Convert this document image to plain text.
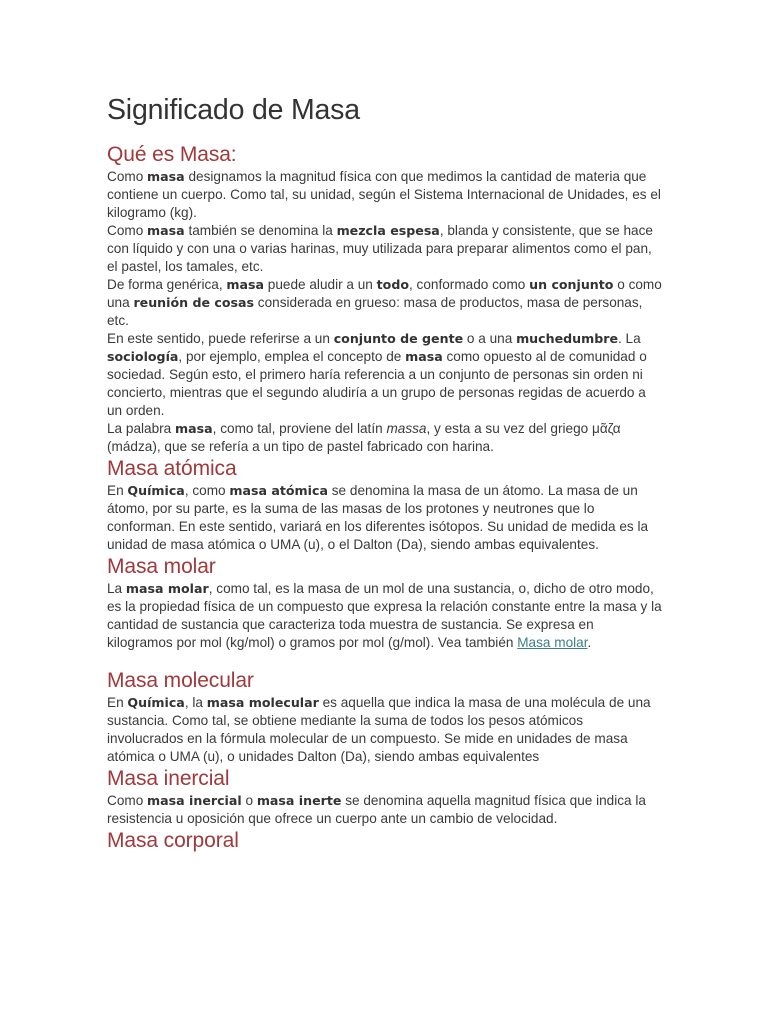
Significado de Masa
Qué es Masa:

Como masa designamos la magnitud física con que medimos la cantidad de materia que contiene un cuerpo. Como tal, su unidad, según el Sistema Internacional de Unidades, es el kilogramo (kg).

Como masa también se denomina la mezcla espesa, blanda y consistente, que se hace con líquido y con una o varias harinas, muy utilizada para preparar alimentos como el pan, el pastel, los tamales, etc.

De forma genérica, masa puede aludir a un todo, conformado como un conjunto o como una reunión de cosas considerada en grueso: masa de productos, masa de personas, etc.

En este sentido, puede referirse a un conjunto de gente o a una muchedumbre. La sociología, por ejemplo, emplea el concepto de masa como opuesto al de comunidad o sociedad. Según esto, el primero haría referencia a un conjunto de personas sin orden ni concierto, mientras que el segundo aludiría a un grupo de personas regidas de acuerdo a un orden.

La palabra masa, como tal, proviene del latín massa, y esta a su vez del griego μᾶζα (mádza), que se refería a un tipo de pastel fabricado con harina.

Masa atómica

En Química, como masa atómica se denomina la masa de un átomo. La masa de un átomo, por su parte, es la suma de las masas de los protones y neutrones que lo conforman. En este sentido, variará en los diferentes isótopos. Su unidad de medida es la unidad de masa atómica o UMA (u), o el Dalton (Da), siendo ambas equivalentes.

Masa molar

La masa molar, como tal, es la masa de un mol de una sustancia, o, dicho de otro modo, es la propiedad física de un compuesto que expresa la relación constante entre la masa y la cantidad de sustancia que caracteriza toda muestra de sustancia. Se expresa en kilogramos por mol (kg/mol) o gramos por mol (g/mol). Vea también Masa molar.

Masa molecular

En Química, la masa molecular es aquella que indica la masa de una molécula de una sustancia. Como tal, se obtiene mediante la suma de todos los pesos atómicos involucrados en la fórmula molecular de un compuesto. Se mide en unidades de masa atómica o UMA (u), o unidades Dalton (Da), siendo ambas equivalentes

Masa inercial

Como masa inercial o masa inerte se denomina aquella magnitud física que indica la resistencia u oposición que ofrece un cuerpo ante un cambio de velocidad.

Masa corporal
